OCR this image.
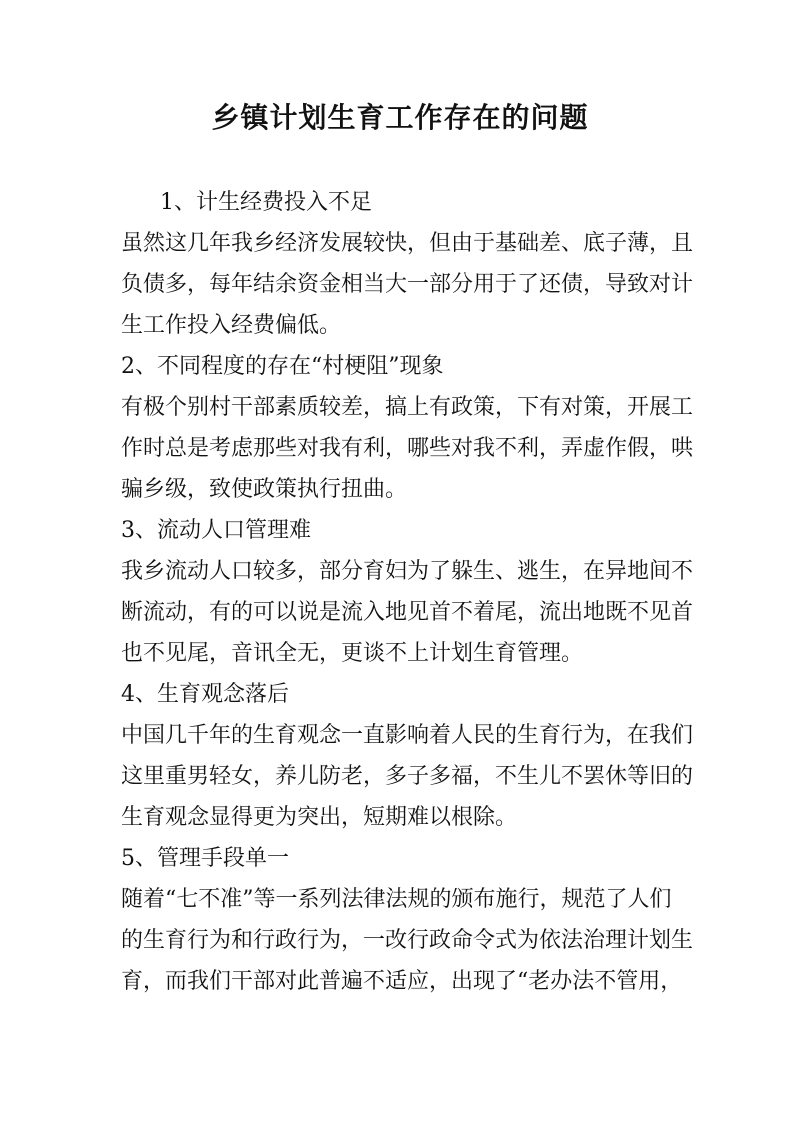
乡镇计划生育工作存在的问题
1、计生经费投入不足
虽然这几年我乡经济发展较快，但由于基础差、底子薄，且
负债多，每年结余资金相当大一部分用于了还债，导致对计
生工作投入经费偏低。
2、不同程度的存在“村梗阻”现象
有极个别村干部素质较差，搞上有政策，下有对策，开展工
作时总是考虑那些对我有利，哪些对我不利，弄虚作假，哄
骗乡级，致使政策执行扭曲。
3、流动人口管理难
我乡流动人口较多，部分育妇为了躲生、逃生，在异地间不
断流动，有的可以说是流入地见首不着尾，流出地既不见首
也不见尾，音讯全无，更谈不上计划生育管理。
4、生育观念落后
中国几千年的生育观念一直影响着人民的生育行为，在我们
这里重男轻女，养儿防老，多子多福，不生儿不罢休等旧的
生育观念显得更为突出，短期难以根除。
5、管理手段单一
随着“七不准”等一系列法律法规的颁布施行，规范了人们
的生育行为和行政行为，一改行政命令式为依法治理计划生
育，而我们干部对此普遍不适应，出现了“老办法不管用，
